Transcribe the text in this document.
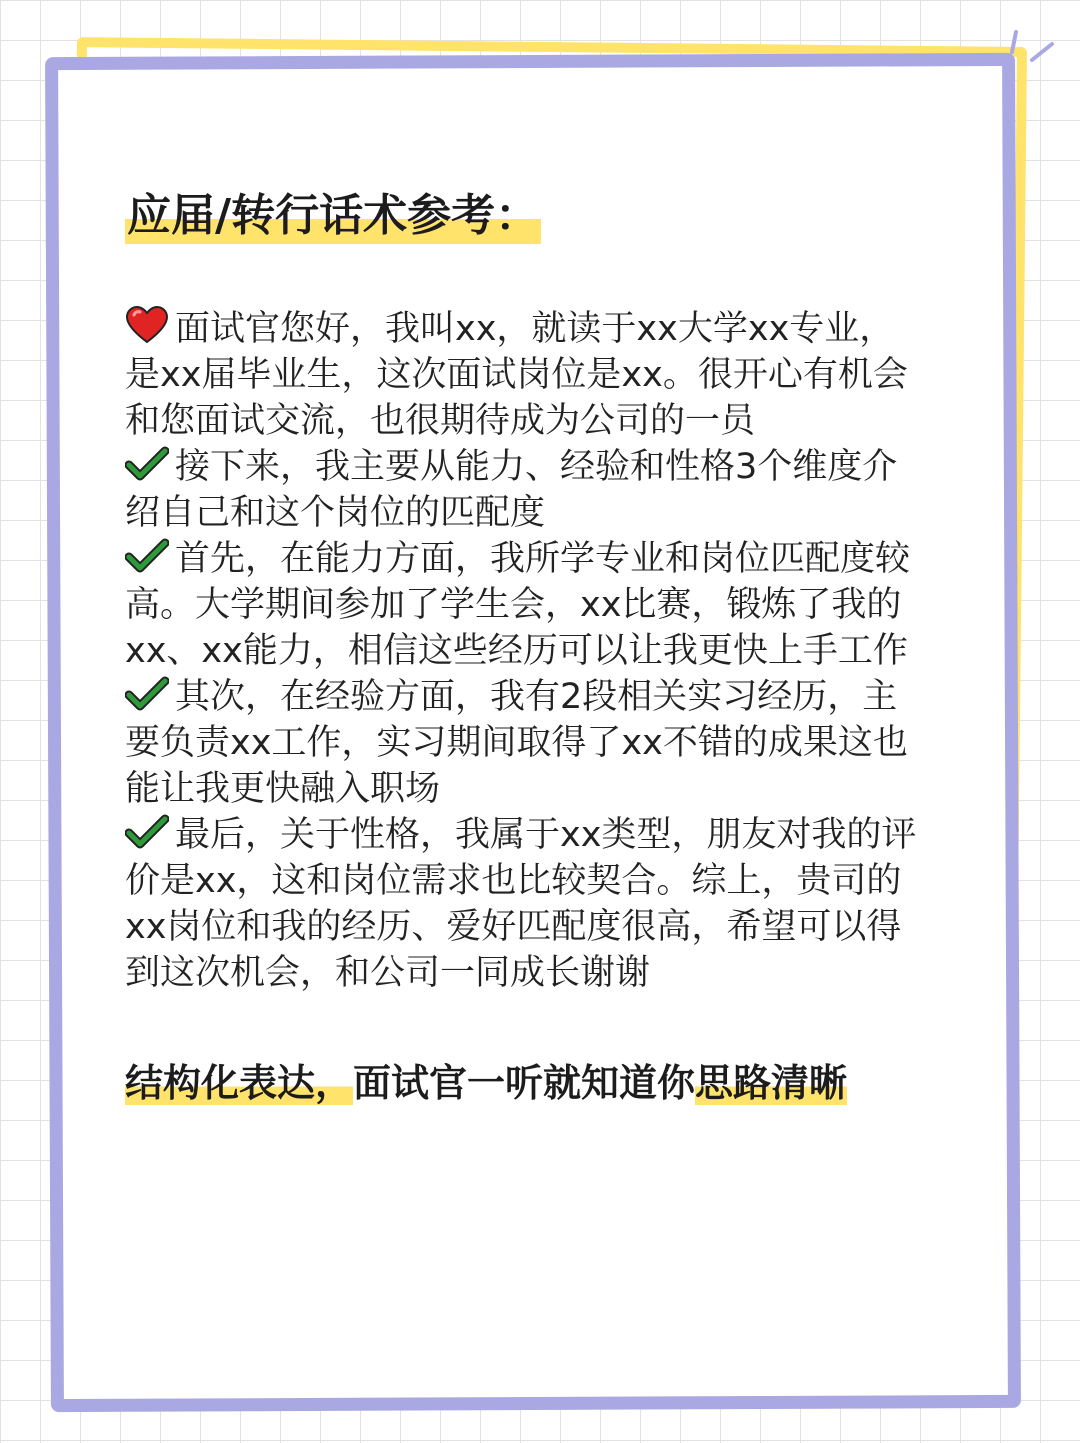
应届/转行话术参考：

面试官您好，我叫xx，就读于xx大学xx专业，是xx届毕业生，这次面试岗位是xx。很开心有机会和您面试交流，也很期待成为公司的一员

接下来，我主要从能力、经验和性格3个维度介绍自己和这个岗位的匹配度

首先，在能力方面，我所学专业和岗位匹配度较高。大学期间参加了学生会，xx比赛，锻炼了我的xx、xx能力，相信这些经历可以让我更快上手工作

其次，在经验方面，我有2段相关实习经历，主要负责xx工作，实习期间取得了xx不错的成果这也能让我更快融入职场

最后，关于性格，我属于xx类型，朋友对我的评价是xx，这和岗位需求也比较契合。综上，贵司的xx岗位和我的经历、爱好匹配度很高，希望可以得到这次机会，和公司一同成长谢谢

结构化表达，面试官一听就知道你思路清晰
